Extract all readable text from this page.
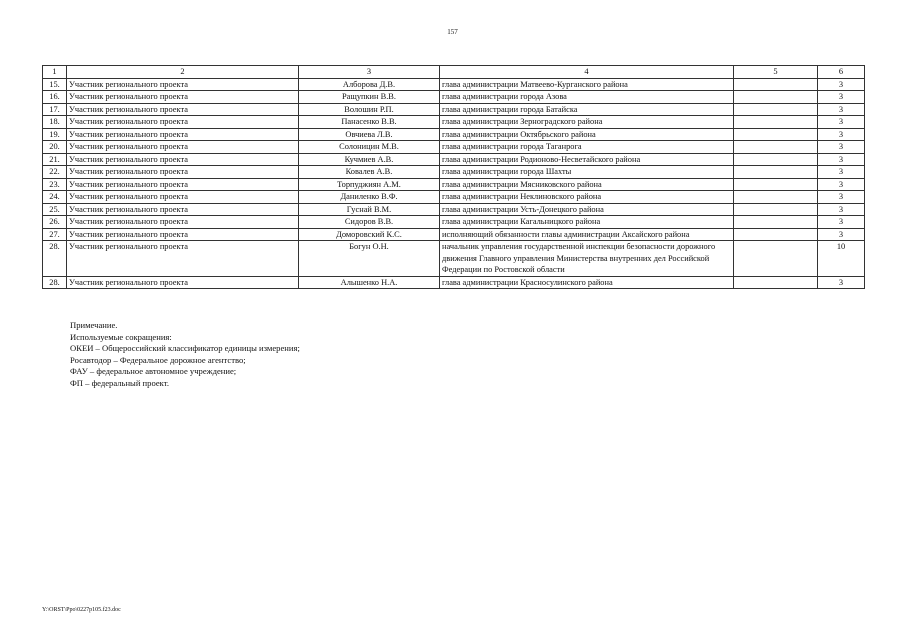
157
1	2	3	4	5	6
15.	Участник регионального проекта	Алборова Д.В.	глава администрации Матвеево-Курганского района		3
16.	Участник регионального проекта	Ращупкин В.В.	глава администрации города Азова		3
17.	Участник регионального проекта	Волошин Р.П.	глава администрации города Батайска		3
18.	Участник регионального проекта	Панасенко В.В.	глава администрации Зерноградского района		3
19.	Участник регионального проекта	Овчиева Л.В.	глава администрации Октябрьского района		3
20.	Участник регионального проекта	Солоницин М.В.	глава администрации города Таганрога		3
21.	Участник регионального проекта	Кучмиев А.В.	глава администрации Родионово-Несветайского района		3
22.	Участник регионального проекта	Ковалев А.В.	глава администрации города Шахты		3
23.	Участник регионального проекта	Торпуджиян А.М.	глава администрации Мясниковского района		3
24.	Участник регионального проекта	Даниленко В.Ф.	глава администрации Неклиновского района		3
25.	Участник регионального проекта	Гуснай В.М.	глава администрации Усть-Донецкого района		3
26.	Участник регионального проекта	Сидоров В.В.	глава администрации Кагальницкого района		3
27.	Участник регионального проекта	Доморовский К.С.	исполняющий обязанности главы администрации Аксайского района		3
28.	Участник регионального проекта	Богун О.Н.	начальник управления государственной инспекции безопасности дорожного движения Главного управления Министерства внутренних дел Российской Федерации по Ростовской области		10
28.	Участник регионального проекта	Алышенко Н.А.	глава администрации Красносулинского района		3
Примечание.
Используемые сокращения:
ОКЕИ – Общероссийский классификатор единицы измерения;
Росавтодор – Федеральное дорожное агентство;
ФАУ – федеральное автономное учреждение;
ФП – федеральный проект.
Y:\ORST\Ppo\0227p105.f23.doc
